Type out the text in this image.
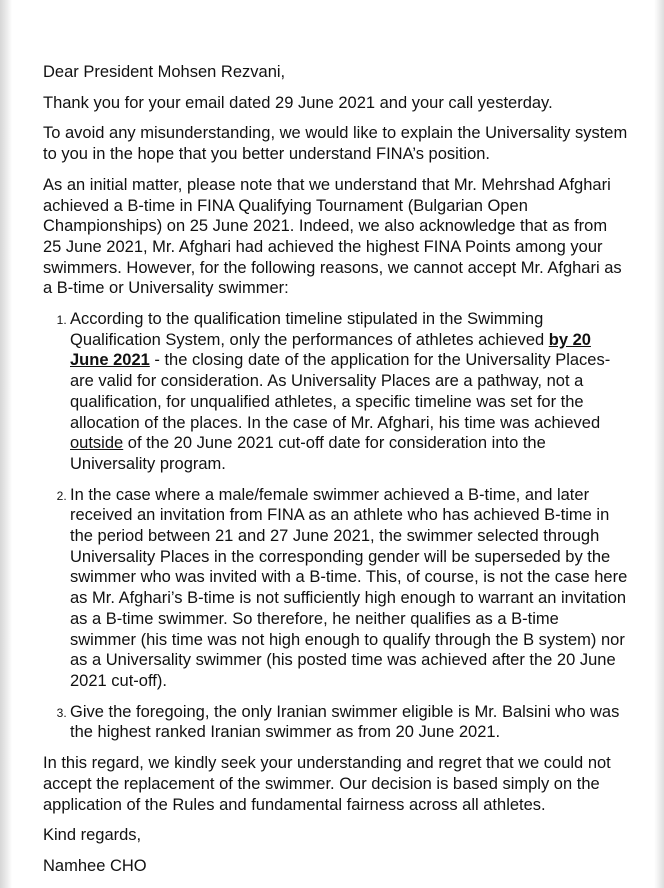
Dear President Mohsen Rezvani,

Thank you for your email dated 29 June 2021 and your call yesterday.

To avoid any misunderstanding, we would like to explain the Universality system to you in the hope that you better understand FINA’s position.

As an initial matter, please note that we understand that Mr. Mehrshad Afghari achieved a B-time in FINA Qualifying Tournament (Bulgarian Open Championships) on 25 June 2021. Indeed, we also acknowledge that as from 25 June 2021, Mr. Afghari had achieved the highest FINA Points among your swimmers. However, for the following reasons, we cannot accept Mr. Afghari as a B-time or Universality swimmer:

1. According to the qualification timeline stipulated in the Swimming Qualification System, only the performances of athletes achieved by 20 June 2021 - the closing date of the application for the Universality Places- are valid for consideration. As Universality Places are a pathway, not a qualification, for unqualified athletes, a specific timeline was set for the allocation of the places. In the case of Mr. Afghari, his time was achieved outside of the 20 June 2021 cut-off date for consideration into the Universality program.
2. In the case where a male/female swimmer achieved a B-time, and later received an invitation from FINA as an athlete who has achieved B-time in the period between 21 and 27 June 2021, the swimmer selected through Universality Places in the corresponding gender will be superseded by the swimmer who was invited with a B-time. This, of course, is not the case here as Mr. Afghari’s B-time is not sufficiently high enough to warrant an invitation as a B-time swimmer. So therefore, he neither qualifies as a B-time swimmer (his time was not high enough to qualify through the B system) nor as a Universality swimmer (his posted time was achieved after the 20 June 2021 cut-off).
3. Give the foregoing, the only Iranian swimmer eligible is Mr. Balsini who was the highest ranked Iranian swimmer as from 20 June 2021.

In this regard, we kindly seek your understanding and regret that we could not accept the replacement of the swimmer. Our decision is based simply on the application of the Rules and fundamental fairness across all athletes.

Kind regards,

Namhee CHO
